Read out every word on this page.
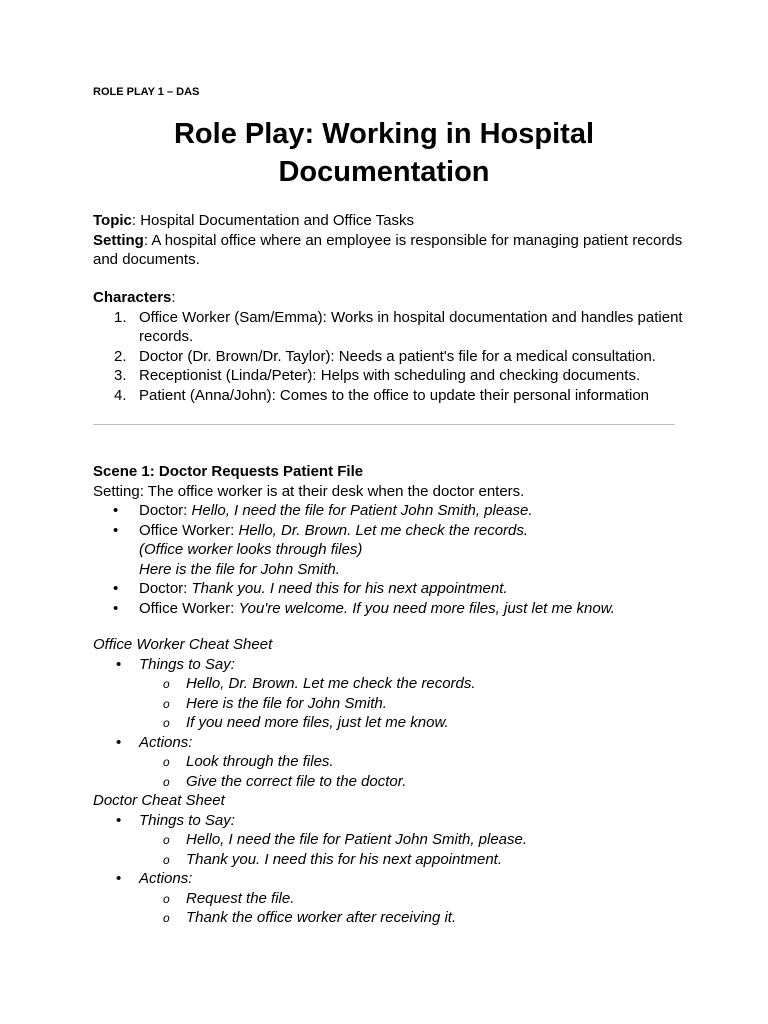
ROLE PLAY 1 – DAS
Role Play: Working in Hospital Documentation
Topic: Hospital Documentation and Office Tasks
Setting: A hospital office where an employee is responsible for managing patient records and documents.
Characters:
1. Office Worker (Sam/Emma): Works in hospital documentation and handles patient records.
2. Doctor (Dr. Brown/Dr. Taylor): Needs a patient's file for a medical consultation.
3. Receptionist (Linda/Peter): Helps with scheduling and checking documents.
4. Patient (Anna/John): Comes to the office to update their personal information
Scene 1: Doctor Requests Patient File
Setting: The office worker is at their desk when the doctor enters.
• Doctor: Hello, I need the file for Patient John Smith, please.
• Office Worker: Hello, Dr. Brown. Let me check the records.
(Office worker looks through files)
Here is the file for John Smith.
• Doctor: Thank you. I need this for his next appointment.
• Office Worker: You're welcome. If you need more files, just let me know.
Office Worker Cheat Sheet
• Things to Say:
o Hello, Dr. Brown. Let me check the records.
o Here is the file for John Smith.
o If you need more files, just let me know.
• Actions:
o Look through the files.
o Give the correct file to the doctor.
Doctor Cheat Sheet
• Things to Say:
o Hello, I need the file for Patient John Smith, please.
o Thank you. I need this for his next appointment.
• Actions:
o Request the file.
o Thank the office worker after receiving it.
